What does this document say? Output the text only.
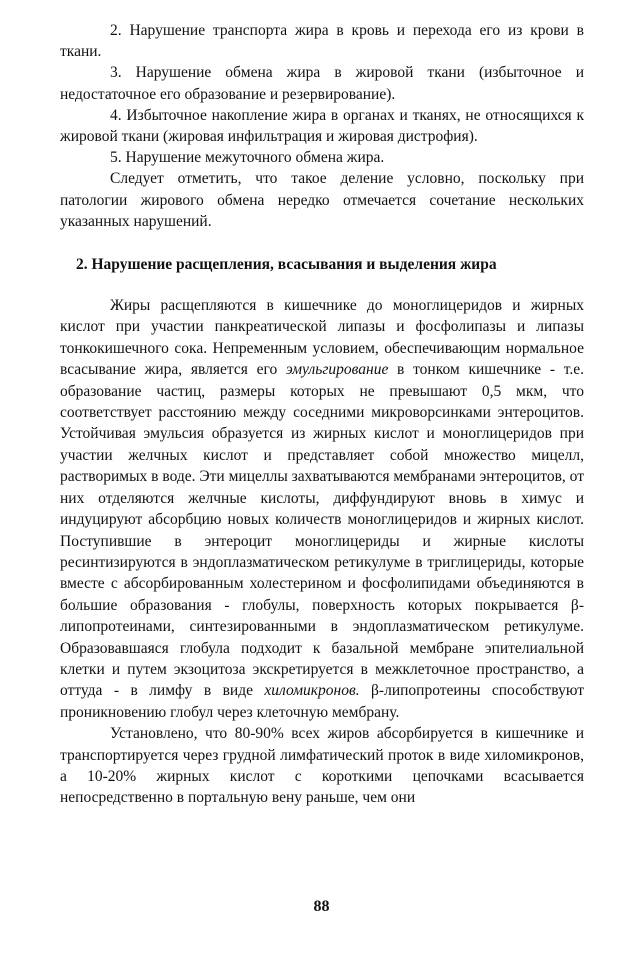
2. Нарушение транспорта жира в кровь и перехода его из крови в ткани.

3. Нарушение обмена жира в жировой ткани (избыточное и недостаточное его образование и резервирование).

4. Избыточное накопление жира в органах и тканях, не относящихся к жировой ткани (жировая инфильтрация и жировая дистрофия).

5. Нарушение межуточного обмена жира.

Следует отметить, что такое деление условно, поскольку при патологии жирового обмена нередко отмечается сочетание нескольких указанных нарушений.

2. Нарушение расщепления, всасывания и выделения жира

Жиры расщепляются в кишечнике до моноглицеридов и жирных кислот при участии панкреатической липазы и фосфолипазы и липазы тонкокишечного сока. Непременным условием, обеспечивающим нормальное всасывание жира, является его эмульгирование в тонком кишечнике - т.е. образование частиц, размеры которых не превышают 0,5 мкм, что соответствует расстоянию между соседними микроворсинками энтероцитов. Устойчивая эмульсия образуется из жирных кислот и моноглицеридов при участии желчных кислот и представляет собой множество мицелл, растворимых в воде. Эти мицеллы захватываются мембранами энтероцитов, от них отделяются желчные кислоты, диффундируют вновь в химус и индуцируют абсорбцию новых количеств моноглицеридов и жирных кислот. Поступившие в энтероцит моноглицериды и жирные кислоты ресинтизируются в эндоплазматическом ретикулуме в триглицериды, которые вместе с абсорбированным холестерином и фосфолипидами объединяются в большие образования - глобулы, поверхность которых покрывается β-липопротеинами, синтезированными в эндоплазматическом ретикулуме. Образовавшаяся глобула подходит к базальной мембране эпителиальной клетки и путем экзоцитоза экскретируется в межклеточное пространство, а оттуда - в лимфу в виде хиломикронов. β-липопротеины способствуют проникновению глобул через клеточную мембрану.

Установлено, что 80-90% всех жиров абсорбируется в кишечнике и транспортируется через грудной лимфатический проток в виде хиломикронов, а 10-20% жирных кислот с короткими цепочками всасывается непосредственно в портальную вену раньше, чем они

88
